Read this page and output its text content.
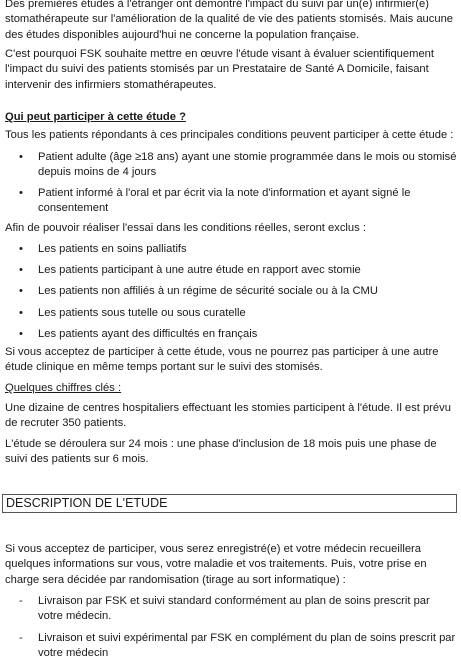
Des premières études à l'étranger ont démontré l'impact du suivi par un(e) infirmier(e) stomathérapeute sur l'amélioration de la qualité de vie des patients stomisés. Mais aucune des études disponibles aujourd'hui ne concerne la population française.

C'est pourquoi FSK souhaite mettre en œuvre l'étude visant à évaluer scientifiquement l'impact du suivi des patients stomisés par un Prestataire de Santé A Domicile, faisant intervenir des infirmiers stomathérapeutes.

Qui peut participer à cette étude ?
Tous les patients répondants à ces principales conditions peuvent participer à cette étude :
• Patient adulte (âge ≥18 ans) ayant une stomie programmée dans le mois ou stomisé depuis moins de 4 jours
• Patient informé à l'oral et par écrit via la note d'information et ayant signé le consentement
Afin de pouvoir réaliser l'essai dans les conditions réelles, seront exclus :
• Les patients en soins palliatifs
• Les patients participant à une autre étude en rapport avec stomie
• Les patients non affiliés à un régime de sécurité sociale ou à la CMU
• Les patients sous tutelle ou sous curatelle
• Les patients ayant des difficultés en français
Si vous acceptez de participer à cette étude, vous ne pourrez pas participer à une autre étude clinique en même temps portant sur le suivi des stomisés.
Quelques chiffres clés :
Une dizaine de centres hospitaliers effectuant les stomies participent à l'étude. Il est prévu de recruter 350 patients.
L'étude se déroulera sur 24 mois : une phase d'inclusion de 18 mois puis une phase de suivi des patients sur 6 mois.
DESCRIPTION DE L'ETUDE
Si vous acceptez de participer, vous serez enregistré(e) et votre médecin recueillera quelques informations sur vous, votre maladie et vos traitements. Puis, votre prise en charge sera décidée par randomisation (tirage au sort informatique) :
- Livraison par FSK et suivi standard conformément au plan de soins prescrit par votre médecin.
- Livraison et suivi expérimental par FSK en complément du plan de soins prescrit par votre médecin
